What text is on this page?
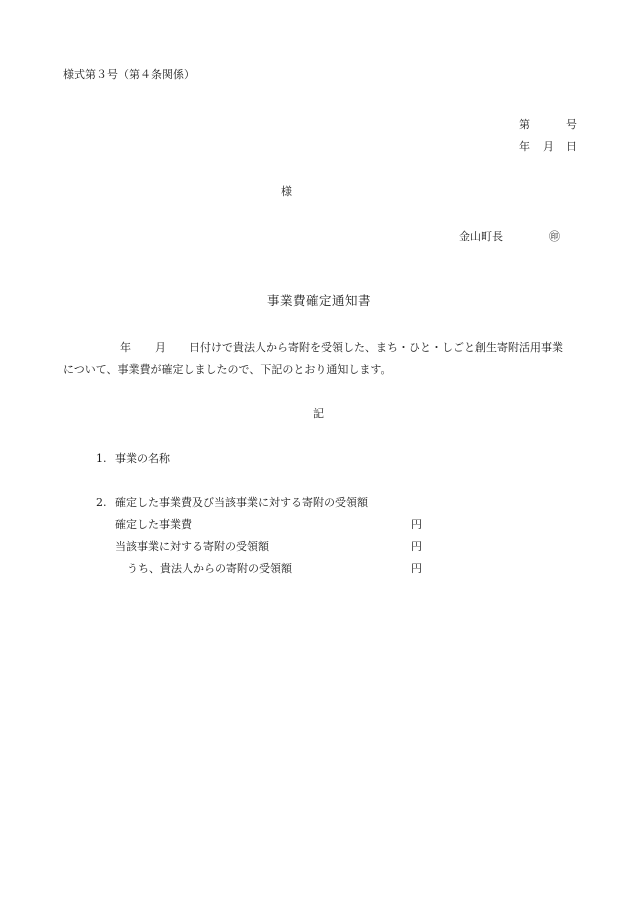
様式第３号（第４条関係）
第	号
年 月 日
様
金山町長	㊞
事業費確定通知書
年 月 日付けで貴法人から寄附を受領した、まち・ひと・しごと創生寄附活用事業
について、事業費が確定しましたので、下記のとおり通知します。
記
1. 事業の名称
2. 確定した事業費及び当該事業に対する寄附の受領額
確定した事業費	円
当該事業に対する寄附の受領額	円
うち、貴法人からの寄附の受領額	円
